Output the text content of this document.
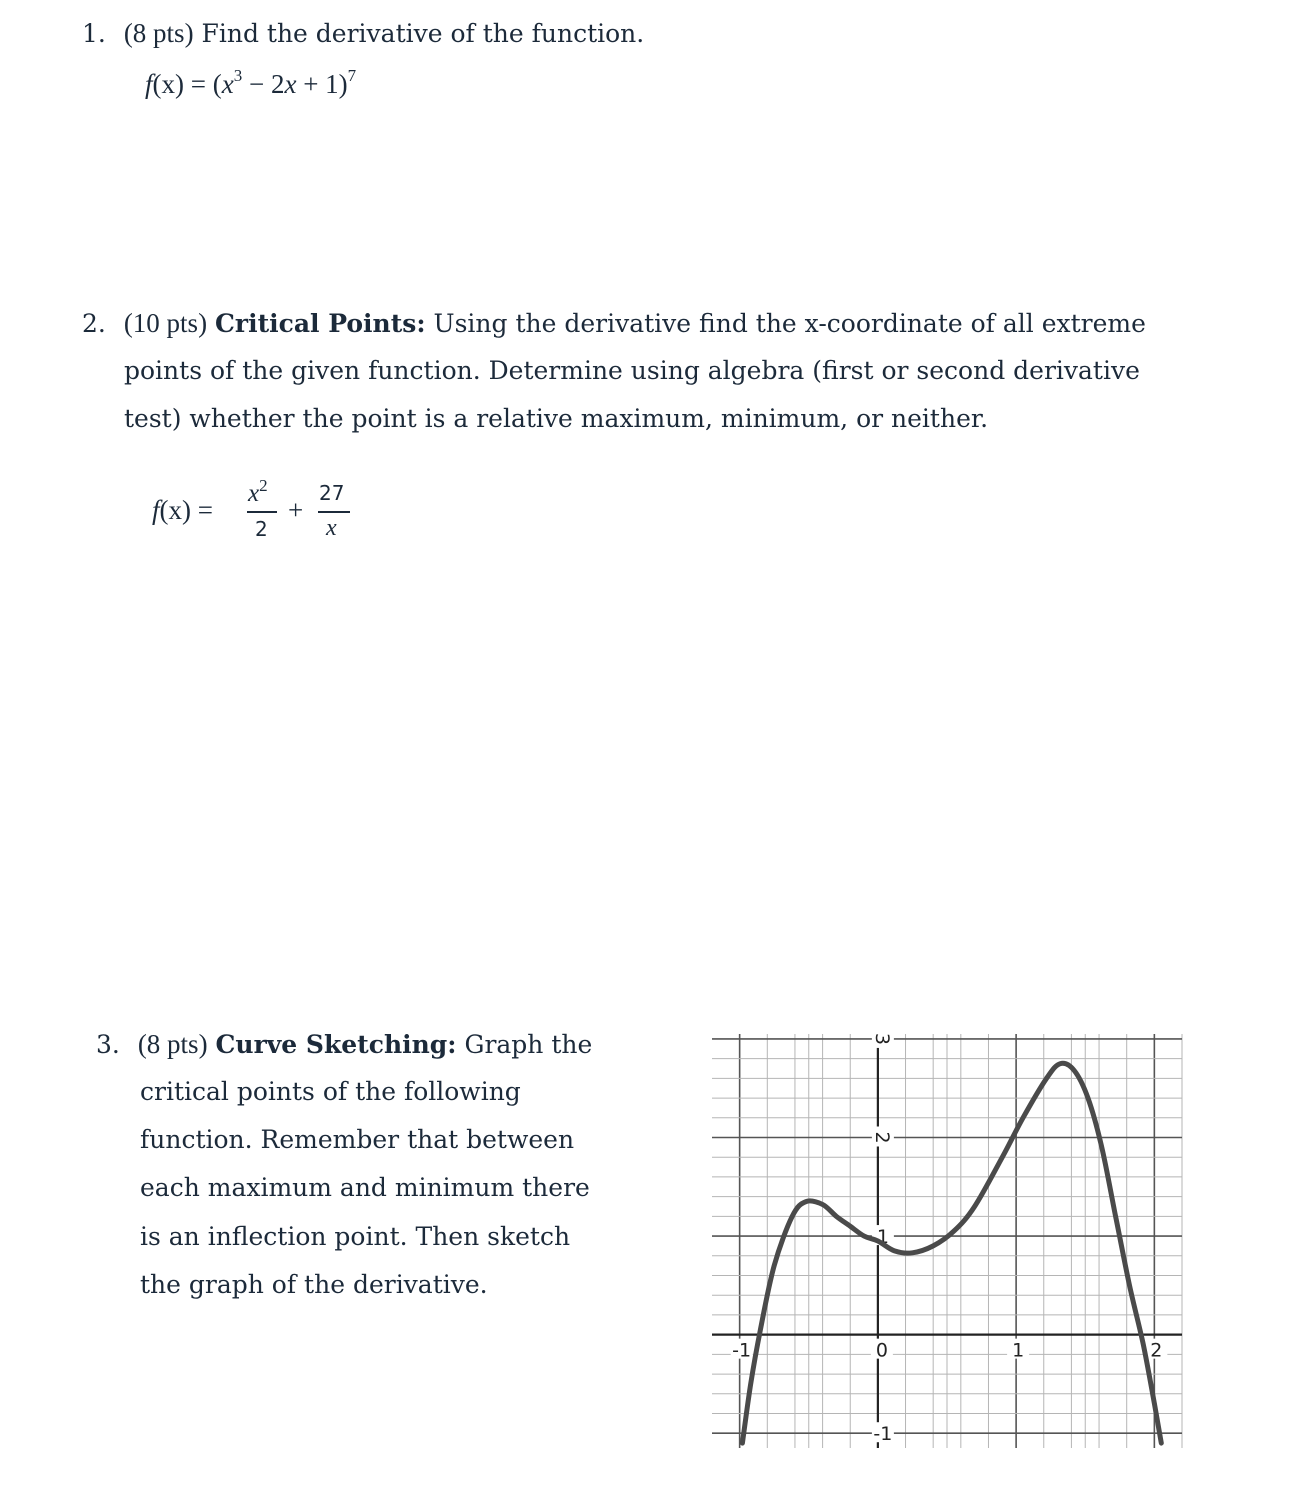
1. (8 pts) Find the derivative of the function.
$f(x) = (x^3 - 2x + 1)^7$
2. (10 pts) Critical Points: Using the derivative find the x-coordinate of all extreme
points of the given function. Determine using algebra (first or second derivative
test) whether the point is a relative maximum, minimum, or neither.
f(x) =
$x^2$
2
+
27
x
3. (8 pts) Curve Sketching: Graph the
critical points of the following
function. Remember that between
each maximum and minimum there
is an inflection point. Then sketch
the graph of the derivative.
-1	0	1	2
3
2
1
-1
